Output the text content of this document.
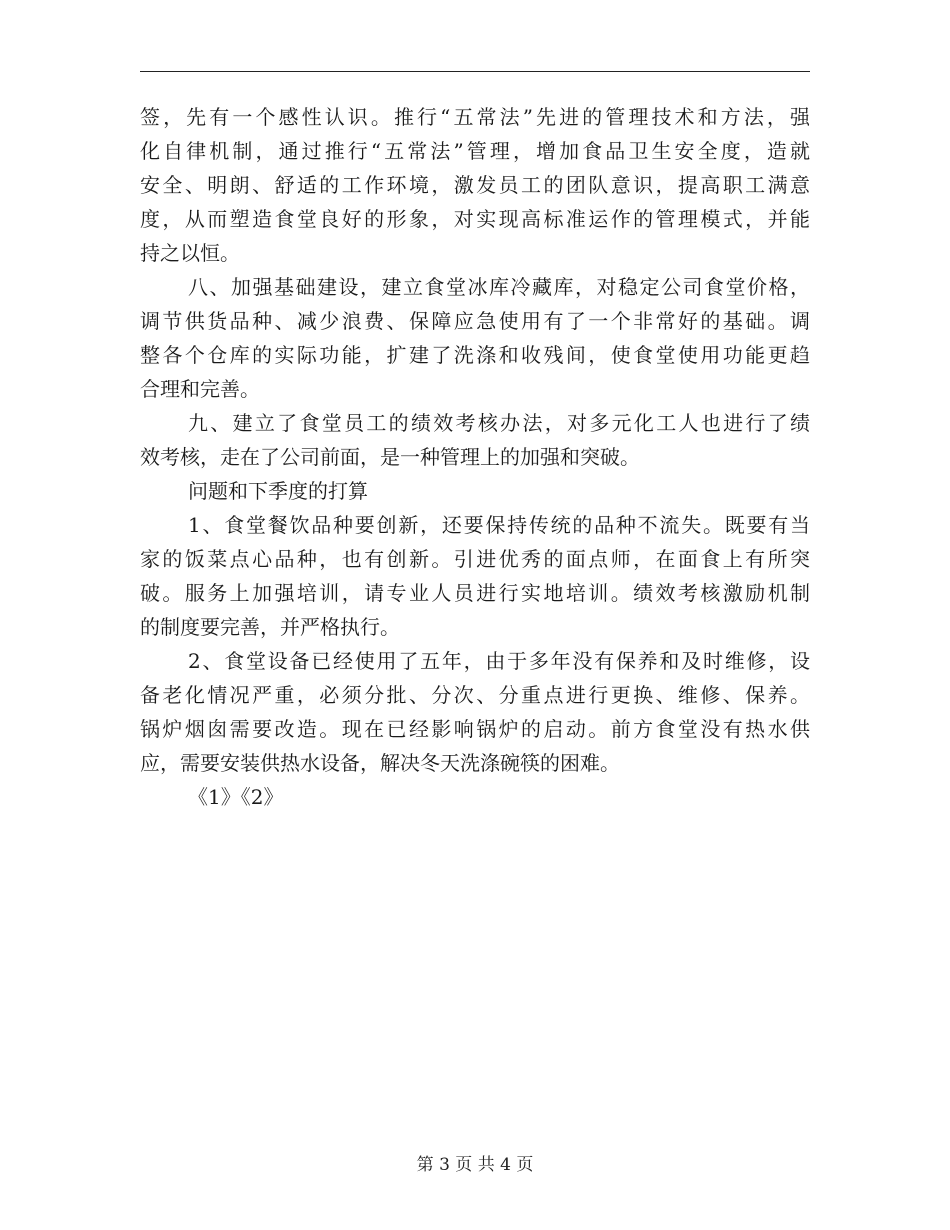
签，先有一个感性认识。推行“五常法”先进的管理技术和方法，强
化自律机制，通过推行“五常法”管理，增加食品卫生安全度，造就
安全、明朗、舒适的工作环境，激发员工的团队意识，提高职工满意
度，从而塑造食堂良好的形象，对实现高标准运作的管理模式，并能
持之以恒。
八、加强基础建设，建立食堂冰库冷藏库，对稳定公司食堂价格，
调节供货品种、减少浪费、保障应急使用有了一个非常好的基础。调
整各个仓库的实际功能，扩建了洗涤和收残间，使食堂使用功能更趋
合理和完善。
九、建立了食堂员工的绩效考核办法，对多元化工人也进行了绩
效考核，走在了公司前面，是一种管理上的加强和突破。
问题和下季度的打算
1、食堂餐饮品种要创新，还要保持传统的品种不流失。既要有当
家的饭菜点心品种，也有创新。引进优秀的面点师，在面食上有所突
破。服务上加强培训，请专业人员进行实地培训。绩效考核激励机制
的制度要完善，并严格执行。
2、食堂设备已经使用了五年，由于多年没有保养和及时维修，设
备老化情况严重，必须分批、分次、分重点进行更换、维修、保养。
锅炉烟囱需要改造。现在已经影响锅炉的启动。前方食堂没有热水供
应，需要安装供热水设备，解决冬天洗涤碗筷的困难。
《1》《2》
第 3 页 共 4 页
